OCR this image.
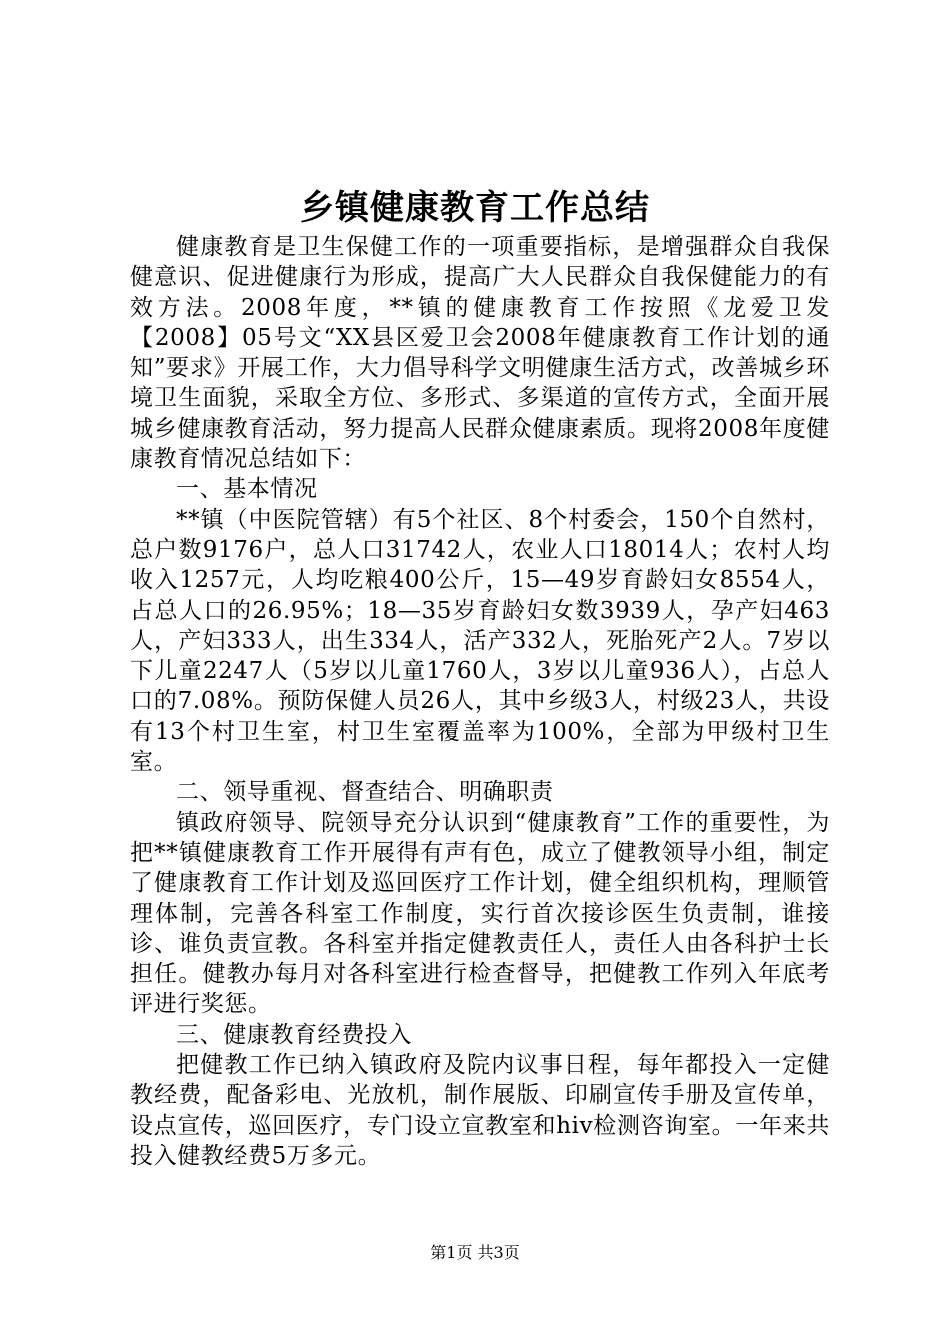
乡镇健康教育工作总结

健康教育是卫生保健工作的一项重要指标，是增强群众自我保健意识、促进健康行为形成，提高广大人民群众自我保健能力的有效方法。2008年度，**镇的健康教育工作按照《龙爱卫发【2008】05号文“XX县区爱卫会2008年健康教育工作计划的通知”要求》开展工作，大力倡导科学文明健康生活方式，改善城乡环境卫生面貌，采取全方位、多形式、多渠道的宣传方式，全面开展城乡健康教育活动，努力提高人民群众健康素质。现将2008年度健康教育情况总结如下：

一、基本情况

**镇（中医院管辖）有5个社区、8个村委会，150个自然村，总户数9176户，总人口31742人，农业人口18014人；农村人均收入1257元，人均吃粮400公斤，15—49岁育龄妇女8554人，占总人口的26.95%；18—35岁育龄妇女数3939人，孕产妇463人，产妇333人，出生334人，活产332人，死胎死产2人。7岁以下儿童2247人（5岁以儿童1760人，3岁以儿童936人），占总人口的7.08%。预防保健人员26人，其中乡级3人，村级23人，共设有13个村卫生室，村卫生室覆盖率为100%，全部为甲级村卫生室。

二、领导重视、督查结合、明确职责

镇政府领导、院领导充分认识到“健康教育”工作的重要性，为把**镇健康教育工作开展得有声有色，成立了健教领导小组，制定了健康教育工作计划及巡回医疗工作计划，健全组织机构，理顺管理体制，完善各科室工作制度，实行首次接诊医生负责制，谁接诊、谁负责宣教。各科室并指定健教责任人，责任人由各科护士长担任。健教办每月对各科室进行检查督导，把健教工作列入年底考评进行奖惩。

三、健康教育经费投入

把健教工作已纳入镇政府及院内议事日程，每年都投入一定健教经费，配备彩电、光放机，制作展版、印刷宣传手册及宣传单，设点宣传，巡回医疗，专门设立宣教室和hiv检测咨询室。一年来共投入健教经费5万多元。

第1页 共3页
